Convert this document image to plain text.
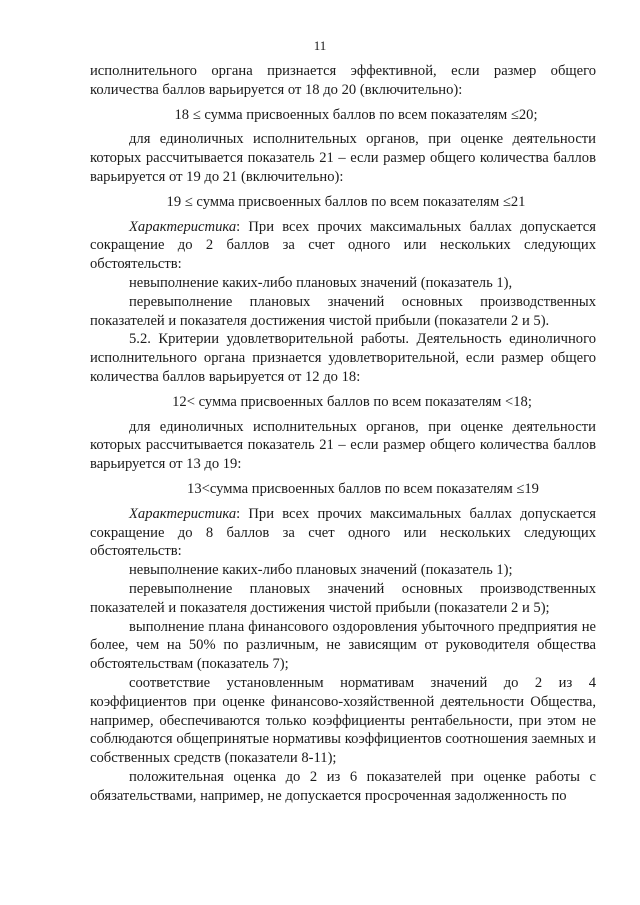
11

исполнительного органа признается эффективной, если размер общего количества баллов варьируется от 18 до 20 (включительно):

18 ≤ сумма присвоенных баллов по всем показателям ≤20;

для единоличных исполнительных органов, при оценке деятельности которых рассчитывается показатель 21 – если размер общего количества баллов варьируется от 19 до 21 (включительно):

19 ≤ сумма присвоенных баллов по всем показателям ≤21

Характеристика: При всех прочих максимальных баллах допускается сокращение до 2 баллов за счет одного или нескольких следующих обстоятельств:

невыполнение каких-либо плановых значений (показатель 1),

перевыполнение плановых значений основных производственных показателей и показателя достижения чистой прибыли (показатели 2 и 5).

5.2. Критерии удовлетворительной работы. Деятельность единоличного исполнительного органа признается удовлетворительной, если размер общего количества баллов варьируется от 12 до 18:

12< сумма присвоенных баллов по всем показателям <18;

для единоличных исполнительных органов, при оценке деятельности которых рассчитывается показатель 21 – если размер общего количества баллов варьируется от 13 до 19:

13<сумма присвоенных баллов по всем показателям ≤19

Характеристика: При всех прочих максимальных баллах допускается сокращение до 8 баллов за счет одного или нескольких следующих обстоятельств:

невыполнение каких-либо плановых значений (показатель 1);

перевыполнение плановых значений основных производственных показателей и показателя достижения чистой прибыли (показатели 2 и 5);

выполнение плана финансового оздоровления убыточного предприятия не более, чем на 50% по различным, не зависящим от руководителя общества обстоятельствам (показатель 7);

соответствие установленным нормативам значений до 2 из 4 коэффициентов при оценке финансово-хозяйственной деятельности Общества, например, обеспечиваются только коэффициенты рентабельности, при этом не соблюдаются общепринятые нормативы коэффициентов соотношения заемных и собственных средств (показатели 8-11);

положительная оценка до 2 из 6 показателей при оценке работы с обязательствами, например, не допускается просроченная задолженность по
